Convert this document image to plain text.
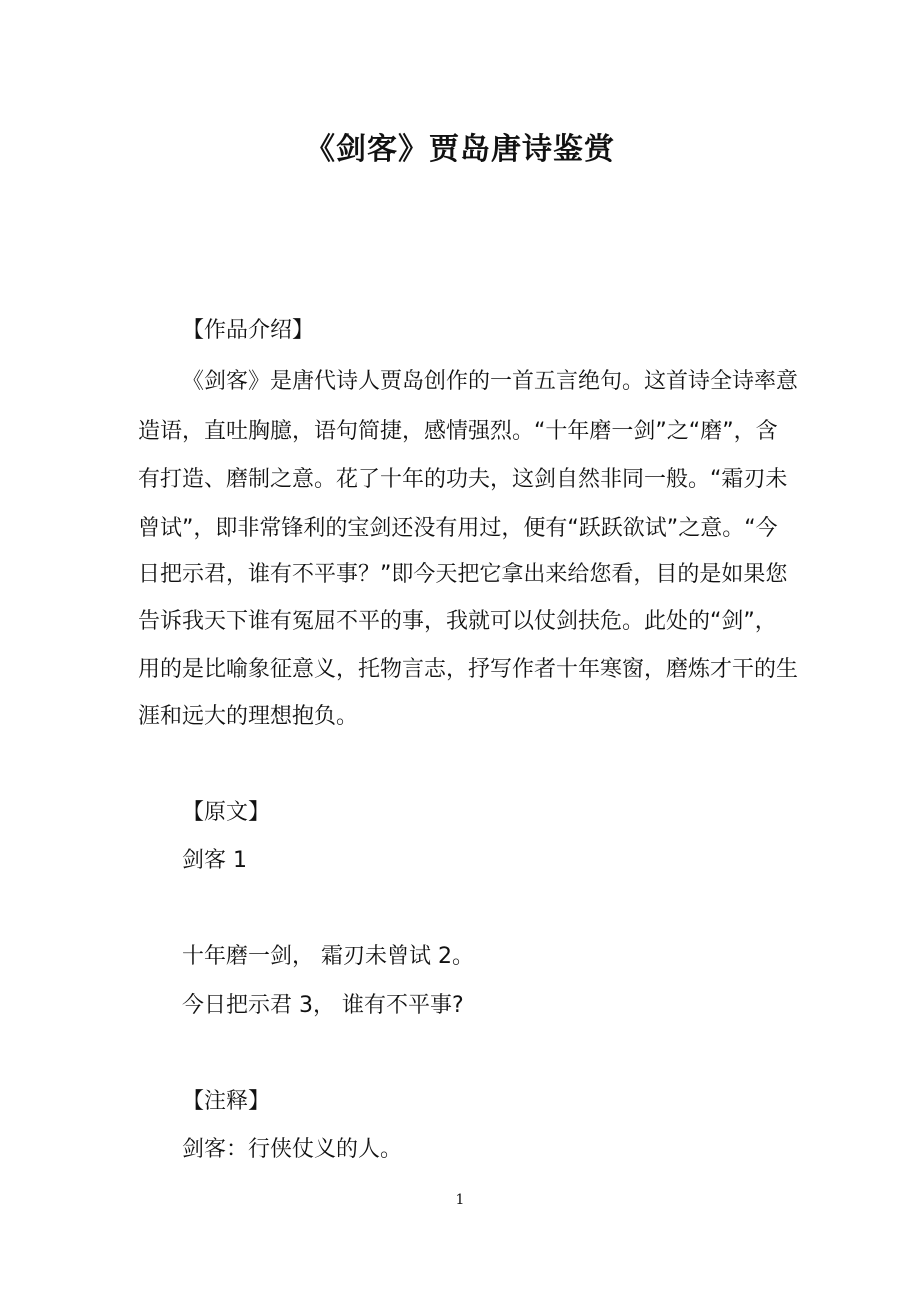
《剑客》贾岛唐诗鉴赏
【作品介绍】
《剑客》是唐代诗人贾岛创作的一首五言绝句。这首诗全诗率意
造语，直吐胸臆，语句简捷，感情强烈。“十年磨一剑”之“磨”，含
有打造、磨制之意。花了十年的功夫，这剑自然非同一般。“霜刃未
曾试”，即非常锋利的宝剑还没有用过，便有“跃跃欲试”之意。“今
日把示君，谁有不平事？”即今天把它拿出来给您看，目的是如果您
告诉我天下谁有冤屈不平的事，我就可以仗剑扶危。此处的“剑”，
用的是比喻象征意义，托物言志，抒写作者十年寒窗，磨炼才干的生
涯和远大的理想抱负。
【原文】
剑客 1
十年磨一剑， 霜刃未曾试 2。
今日把示君 3， 谁有不平事?
【注释】
剑客：行侠仗义的人。
1
